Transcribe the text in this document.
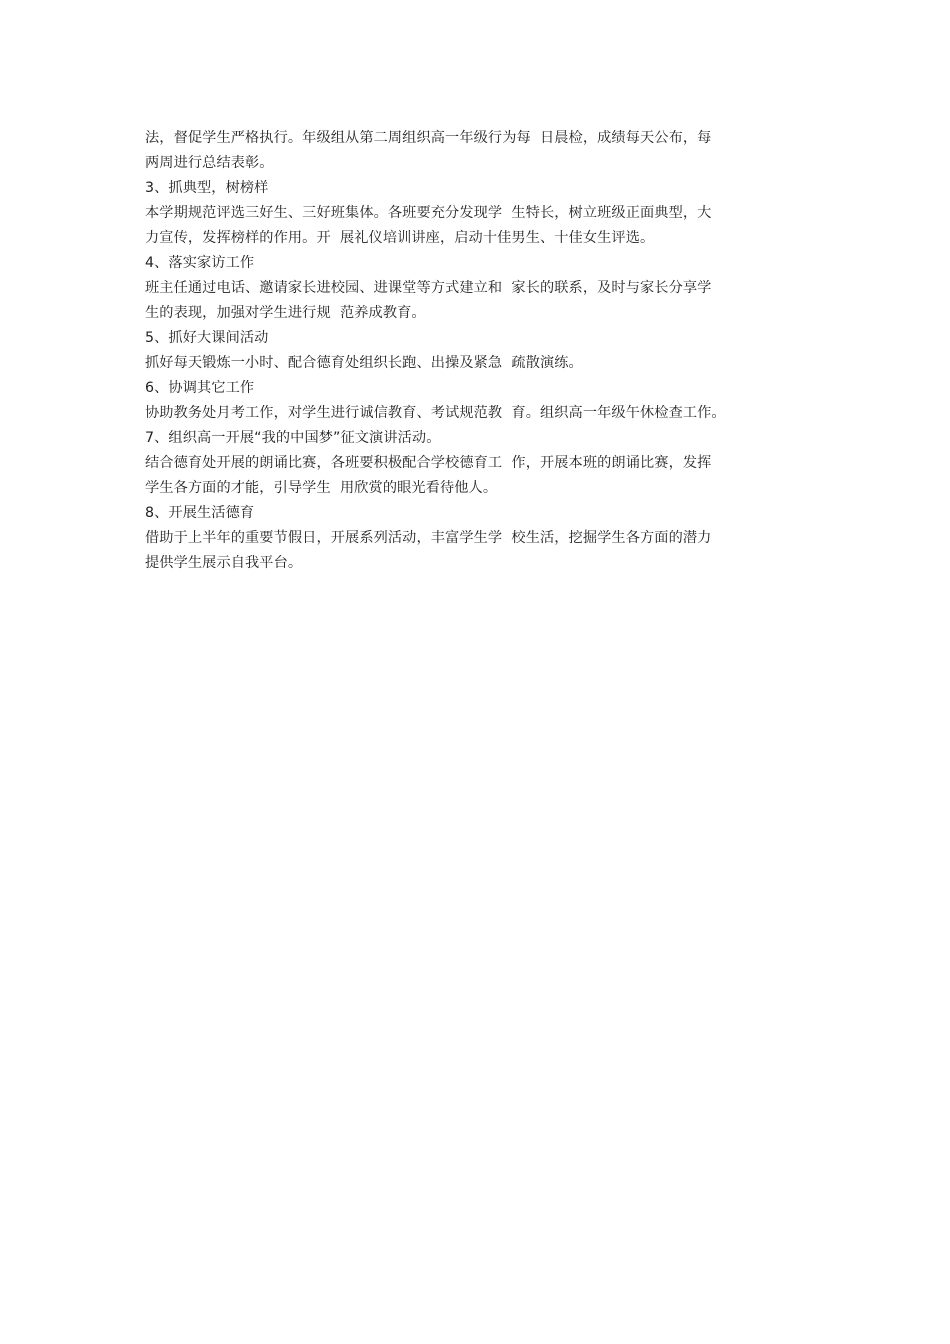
法，督促学生严格执行。年级组从第二周组织高一年级行为每  日晨检，成绩每天公布，每
两周进行总结表彰。
3、抓典型，树榜样
本学期规范评选三好生、三好班集体。各班要充分发现学  生特长，树立班级正面典型，大
力宣传，发挥榜样的作用。开  展礼仪培训讲座，启动十佳男生、十佳女生评选。
4、落实家访工作
班主任通过电话、邀请家长进校园、进课堂等方式建立和  家长的联系，及时与家长分享学
生的表现，加强对学生进行规  范养成教育。
5、抓好大课间活动
抓好每天锻炼一小时、配合德育处组织长跑、出操及紧急  疏散演练。
6、协调其它工作
协助教务处月考工作，对学生进行诚信教育、考试规范教  育。组织高一年级午休检查工作。
7、组织高一开展“我的中国梦”征文演讲活动。
结合德育处开展的朗诵比赛，各班要积极配合学校德育工  作，开展本班的朗诵比赛，发挥
学生各方面的才能，引导学生  用欣赏的眼光看待他人。
8、开展生活德育
借助于上半年的重要节假日，开展系列活动，丰富学生学  校生活，挖掘学生各方面的潜力
提供学生展示自我平台。
